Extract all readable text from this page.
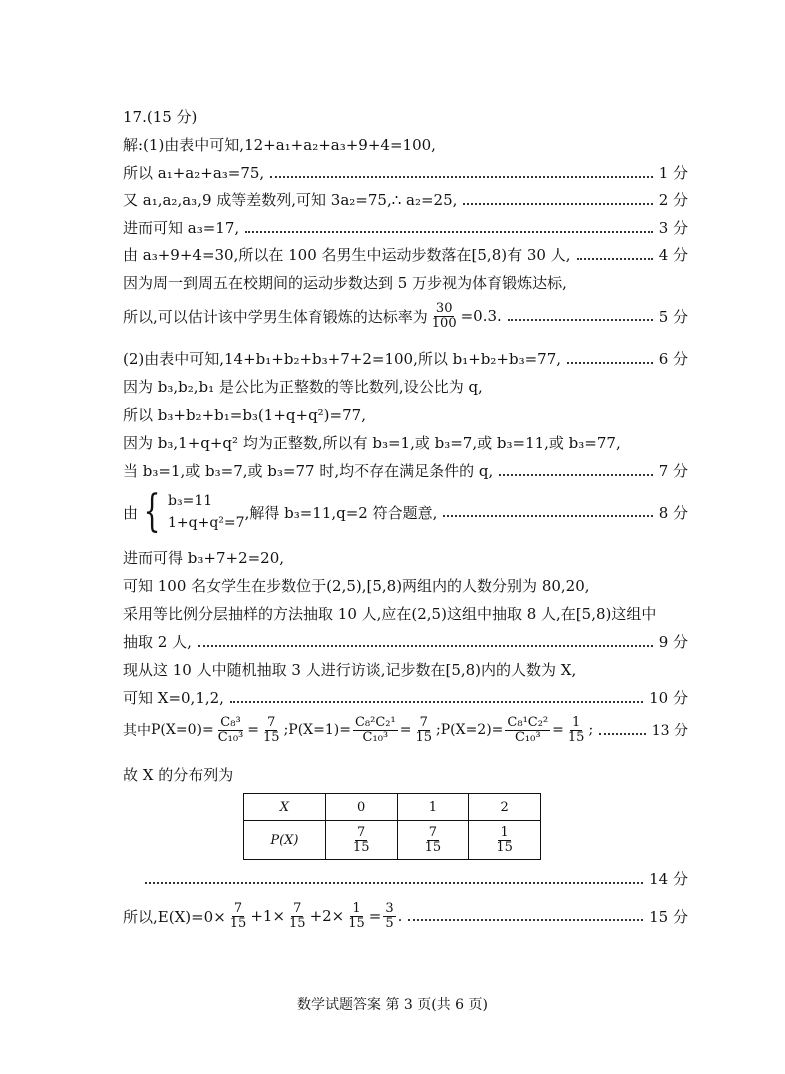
17.(15 分)
解:(1)由表中可知,12+a₁+a₂+a₃+9+4=100,
所以 a₁+a₂+a₃=75,	1 分
又 a₁,a₂,a₃,9 成等差数列,可知 3a₂=75,∴ a₂=25,	2 分
进而可知 a₃=17,	3 分
由 a₃+9+4=30,所以在 100 名男生中运动步数落在[5,8)有 30 人,	4 分
因为周一到周五在校期间的运动步数达到 5 万步视为体育锻炼达标,
所以,可以估计该中学男生体育锻炼的达标率为 $\frac{30}{100} =0.3$.	5 分
(2)由表中可知,14+b₁+b₂+b₃+7+2=100,所以 b₁+b₂+b₃=77,	6 分
因为 b₃,b₂,b₁ 是公比为正整数的等比数列,设公比为 q,
所以 b₃+b₂+b₁=b₃(1+q+q²)=77,
因为 b₃,1+q+q² 均为正整数,所以有 b₃=1,或 b₃=7,或 b₃=11,或 b₃=77,
当 b₃=1,或 b₃=7,或 b₃=77 时,均不存在满足条件的 q,	7 分
由 { b₃=11
1+q+q²=7
,解得 b₃=11,q=2 符合题意,	8 分
进而可得 b₃+7+2=20,
可知 100 名女学生在步数位于(2,5),[5,8)两组内的人数分别为 80,20,
采用等比例分层抽样的方法抽取 10 人,应在(2,5)这组中抽取 8 人,在[5,8)这组中
抽取 2 人,	9 分
现从这 10 人中随机抽取 3 人进行访谈,记步数在[5,8)内的人数为 X,
可知 X=0,1,2,	10 分
其中 $P(X=0)= \frac{\text{C₈³}}{\text{C₁₀³}} = \frac{7}{15}$ ;P(X=1)= $\frac{\text{C₈²C₂¹}}{\text{C₁₀³}} = \frac{7}{15}$ ;P(X=2)= $\frac{\text{C₈¹C₂²}}{\text{C₁₀³}} = \frac{1}{15}$ ;	13 分
故 X 的分布列为
X	0	1	2
P(X)	$\frac{7}{15}$	$\frac{7}{15}$	$\frac{1}{15}$
14 分
所以$,E(X)=0\times \frac{7}{15} +1\times \frac{7}{15} +2\times \frac{1}{15} = \frac{3}{5}$ .	15 分
数学试题答案 第 3 页(共 6 页)
